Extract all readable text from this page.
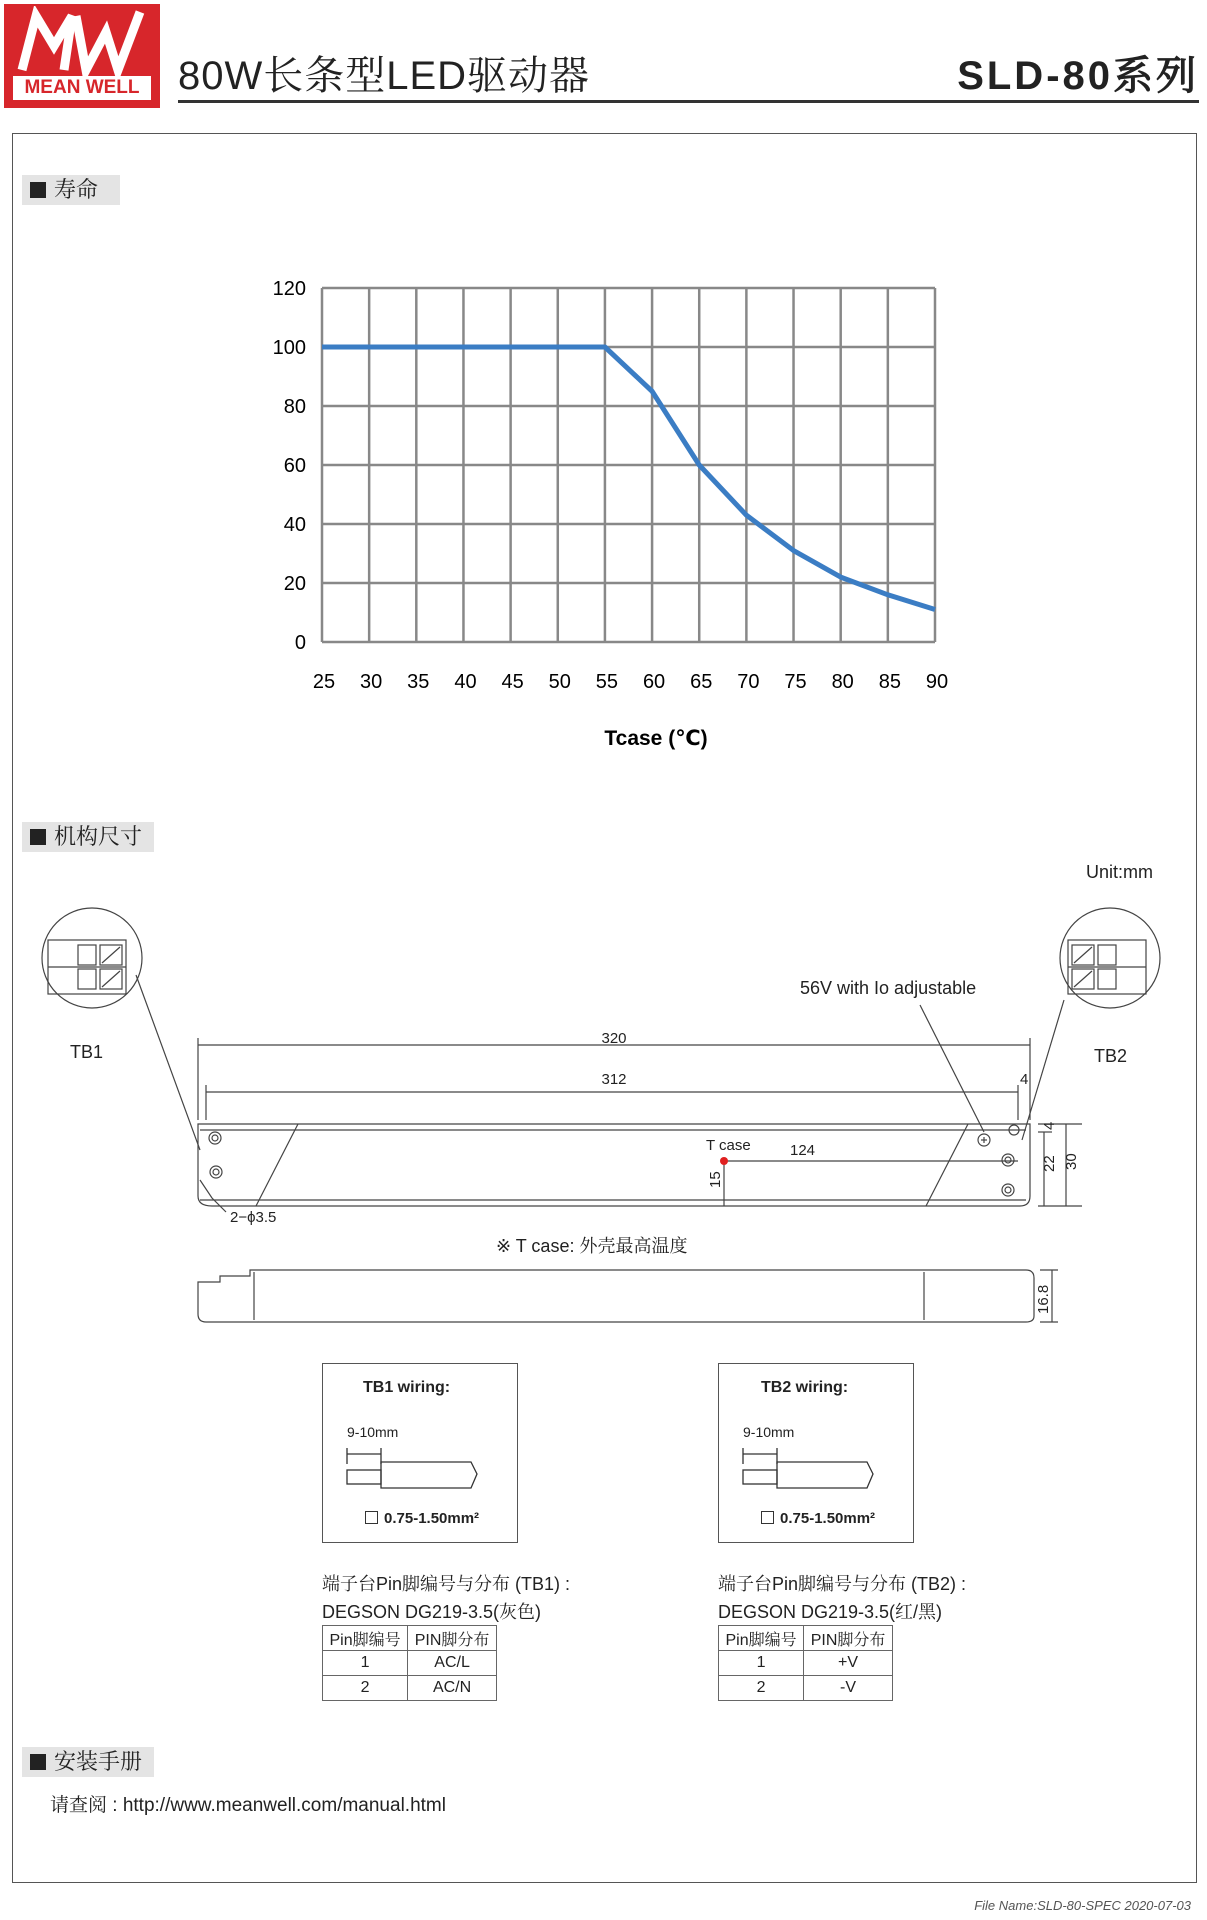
MEAN WELL 80W长条型LED驱动器	SLD-80系列
寿命
0
20
40
60
80
100
120
25 30 35 40 45 50 55 60 65 70 75 80 85 90
Tcase (℃)
机构尺寸
Unit:mm
56V with Io adjustable
TB1	TB2
320
312	4
124
T case
15
4
22 30
16.8
2−ϕ3.5
※ T case: 外壳最高温度
TB1 wiring:
9-10mm
0.75-1.50mm²
TB2 wiring:
9-10mm
0.75-1.50mm²
端子台Pin脚编号与分布 (TB1) :
DEGSON DG219-3.5(灰色)
端子台Pin脚编号与分布 (TB2) :
DEGSON DG219-3.5(红/黑)
Pin脚编号	PIN脚分布
1	AC/L
2	AC/N
Pin脚编号	PIN脚分布
1	+V
2	-V
安装手册
请查阅 : http://www.meanwell.com/manual.html
File Name:SLD-80-SPEC 2020-07-03
